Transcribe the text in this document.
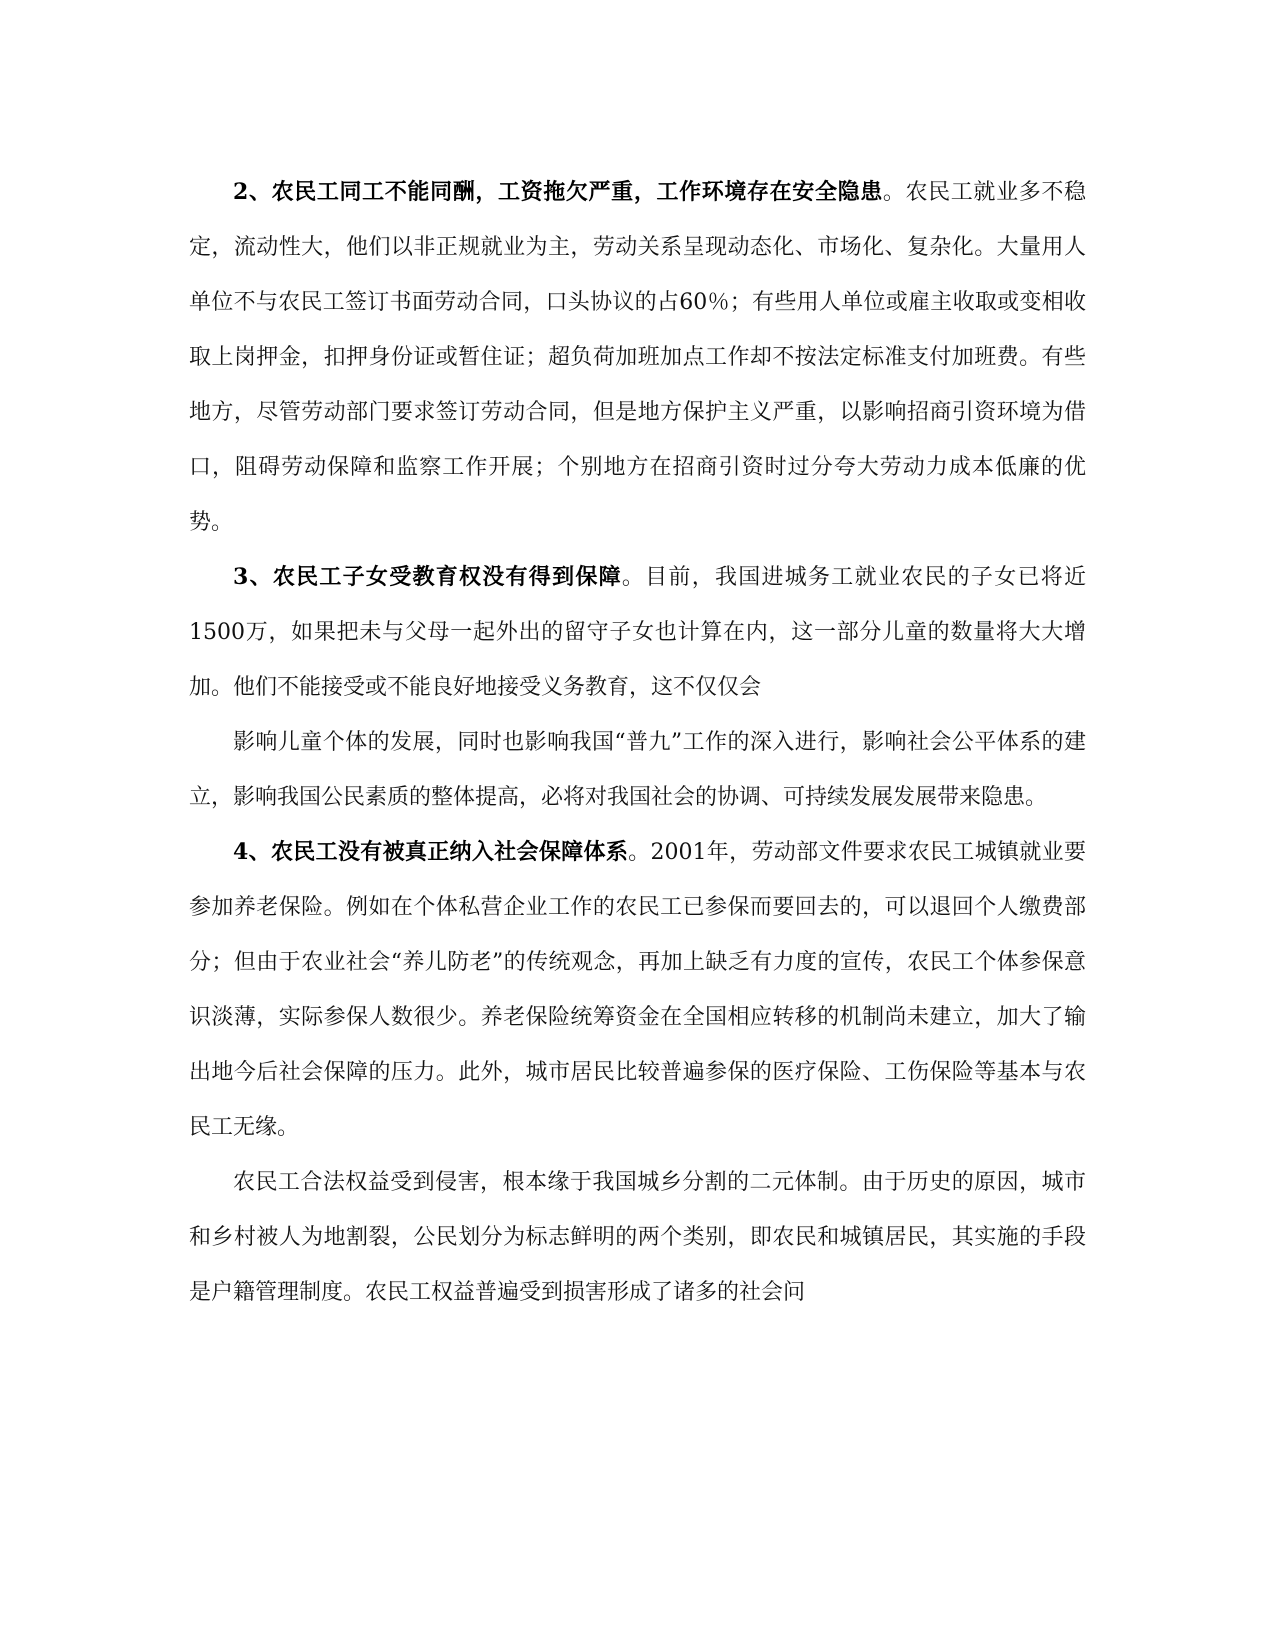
2、农民工同工不能同酬，工资拖欠严重，工作环境存在安全隐患。农民工就业多不稳定，流动性大，他们以非正规就业为主，劳动关系呈现动态化、市场化、复杂化。大量用人单位不与农民工签订书面劳动合同，口头协议的占60％；有些用人单位或雇主收取或变相收取上岗押金，扣押身份证或暂住证；超负荷加班加点工作却不按法定标准支付加班费。有些地方，尽管劳动部门要求签订劳动合同，但是地方保护主义严重，以影响招商引资环境为借口，阻碍劳动保障和监察工作开展；个别地方在招商引资时过分夸大劳动力成本低廉的优势。

3、农民工子女受教育权没有得到保障。目前，我国进城务工就业农民的子女已将近1500万，如果把未与父母一起外出的留守子女也计算在内，这一部分儿童的数量将大大增加。他们不能接受或不能良好地接受义务教育，这不仅仅会

影响儿童个体的发展，同时也影响我国“普九”工作的深入进行，影响社会公平体系的建立，影响我国公民素质的整体提高，必将对我国社会的协调、可持续发展发展带来隐患。

4、农民工没有被真正纳入社会保障体系。2001年，劳动部文件要求农民工城镇就业要参加养老保险。例如在个体私营企业工作的农民工已参保而要回去的，可以退回个人缴费部分；但由于农业社会“养儿防老”的传统观念，再加上缺乏有力度的宣传，农民工个体参保意识淡薄，实际参保人数很少。养老保险统筹资金在全国相应转移的机制尚未建立，加大了输出地今后社会保障的压力。此外，城市居民比较普遍参保的医疗保险、工伤保险等基本与农民工无缘。

农民工合法权益受到侵害，根本缘于我国城乡分割的二元体制。由于历史的原因，城市和乡村被人为地割裂，公民划分为标志鲜明的两个类别，即农民和城镇居民，其实施的手段是户籍管理制度。农民工权益普遍受到损害形成了诸多的社会问
